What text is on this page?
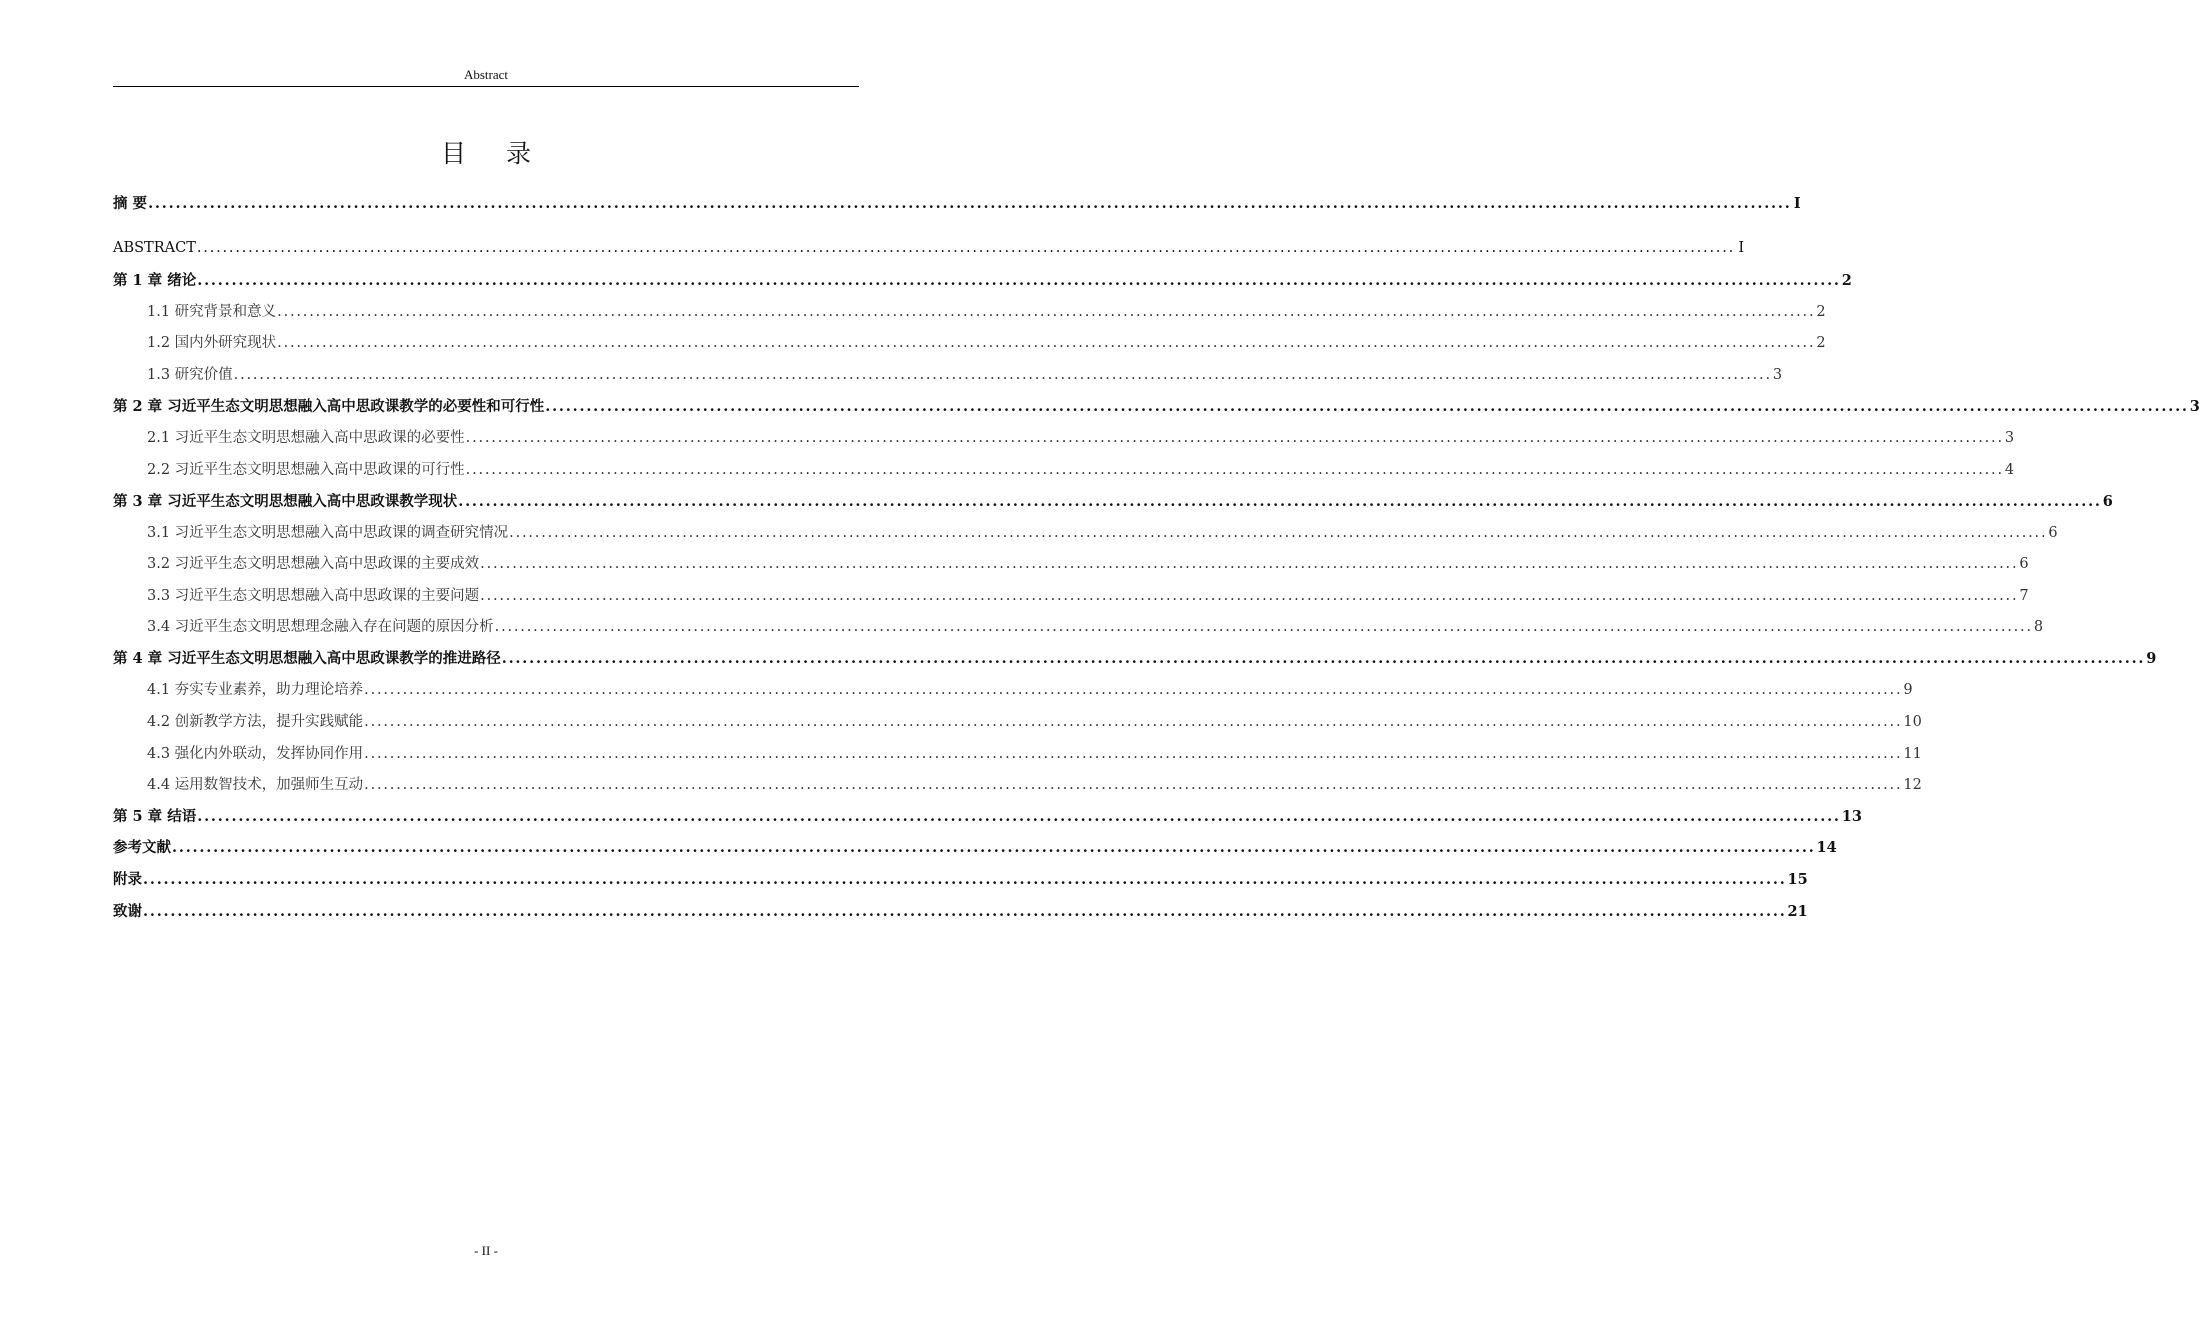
Abstract
目 录
摘 要 ................................................................................................................................................................................................................................................ I
ABSTRACT ................................................................................................................................................................................................................................................ I
第 1 章 绪论 ................................................................................................................................................................................................................................................ 2
1.1 研究背景和意义 ................................................................................................................................................................................................................................................ 2
1.2 国内外研究现状 ................................................................................................................................................................................................................................................ 2
1.3 研究价值 ................................................................................................................................................................................................................................................ 3
第 2 章 习近平生态文明思想融入高中思政课教学的必要性和可行性 ................................................................................................................................................................................................................................................ 3
2.1 习近平生态文明思想融入高中思政课的必要性 ................................................................................................................................................................................................................................................ 3
2.2 习近平生态文明思想融入高中思政课的可行性 ................................................................................................................................................................................................................................................ 4
第 3 章 习近平生态文明思想融入高中思政课教学现状 ................................................................................................................................................................................................................................................ 6
3.1 习近平生态文明思想融入高中思政课的调查研究情况 ................................................................................................................................................................................................................................................ 6
3.2 习近平生态文明思想融入高中思政课的主要成效 ................................................................................................................................................................................................................................................ 6
3.3 习近平生态文明思想融入高中思政课的主要问题 ................................................................................................................................................................................................................................................ 7
3.4 习近平生态文明思想理念融入存在问题的原因分析 ................................................................................................................................................................................................................................................ 8
第 4 章 习近平生态文明思想融入高中思政课教学的推进路径 ................................................................................................................................................................................................................................................ 9
4.1 夯实专业素养，助力理论培养 ................................................................................................................................................................................................................................................ 9
4.2 创新教学方法，提升实践赋能 ................................................................................................................................................................................................................................................ 10
4.3 强化内外联动，发挥协同作用 ................................................................................................................................................................................................................................................ 11
4.4 运用数智技术，加强师生互动 ................................................................................................................................................................................................................................................ 12
第 5 章 结语 ................................................................................................................................................................................................................................................ 13
参考文献 ................................................................................................................................................................................................................................................ 14
附录 ................................................................................................................................................................................................................................................ 15
致谢 ................................................................................................................................................................................................................................................ 21
- II -
